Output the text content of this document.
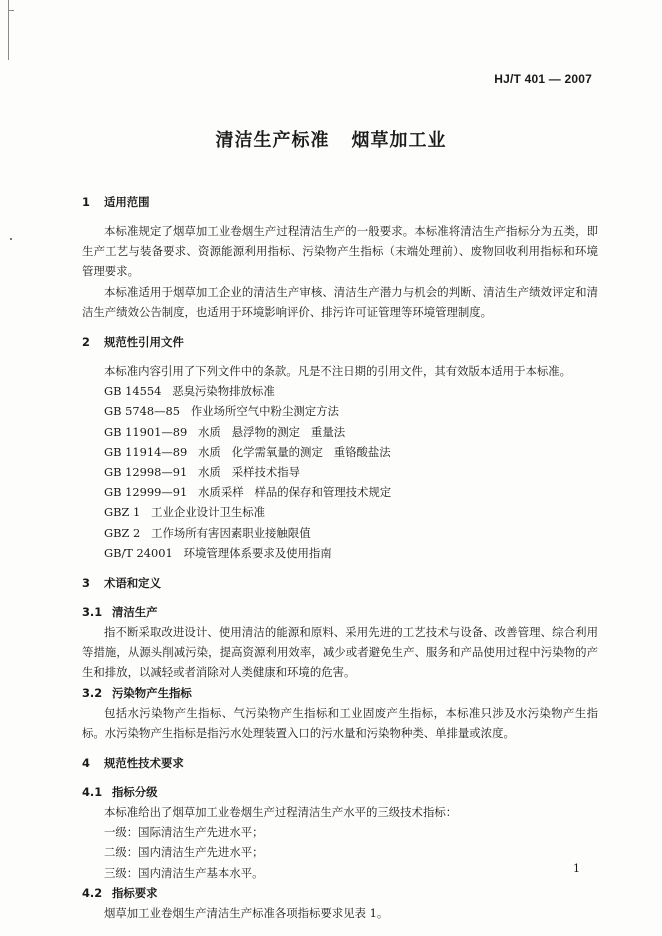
HJ/T 401 — 2007
清洁生产标准 烟草加工业
1 适用范围

本标准规定了烟草加工业卷烟生产过程清洁生产的一般要求。本标准将清洁生产指标分为五类，即生产工艺与装备要求、资源能源利用指标、污染物产生指标（末端处理前）、废物回收利用指标和环境管理要求。

本标准适用于烟草加工企业的清洁生产审核、清洁生产潜力与机会的判断、清洁生产绩效评定和清洁生产绩效公告制度，也适用于环境影响评价、排污许可证管理等环境管理制度。

2 规范性引用文件

本标准内容引用了下列文件中的条款。凡是不注日期的引用文件，其有效版本适用于本标准。

GB 14554   恶臭污染物排放标准
GB 5748—85   作业场所空气中粉尘测定方法
GB 11901—89   水质   悬浮物的测定   重量法
GB 11914—89   水质   化学需氧量的测定   重铬酸盐法
GB 12998—91   水质   采样技术指导
GB 12999—91   水质采样   样品的保存和管理技术规定
GBZ 1   工业企业设计卫生标准
GBZ 2   工作场所有害因素职业接触限值
GB/T 24001   环境管理体系要求及使用指南
3 术语和定义
3.1 清洁生产

指不断采取改进设计、使用清洁的能源和原料、采用先进的工艺技术与设备、改善管理、综合利用等措施，从源头削减污染，提高资源利用效率，减少或者避免生产、服务和产品使用过程中污染物的产生和排放，以减轻或者消除对人类健康和环境的危害。

3.2 污染物产生指标

包括水污染物产生指标、气污染物产生指标和工业固废产生指标，本标准只涉及水污染物产生指标。水污染物产生指标是指污水处理装置入口的污水量和污染物种类、单排量或浓度。

4 规范性技术要求
4.1 指标分级

本标准给出了烟草加工业卷烟生产过程清洁生产水平的三级技术指标：

一级：国际清洁生产先进水平；
二级：国内清洁生产先进水平；
三级：国内清洁生产基本水平。
4.2 指标要求

烟草加工业卷烟生产清洁生产标准各项指标要求见表 1。

1
